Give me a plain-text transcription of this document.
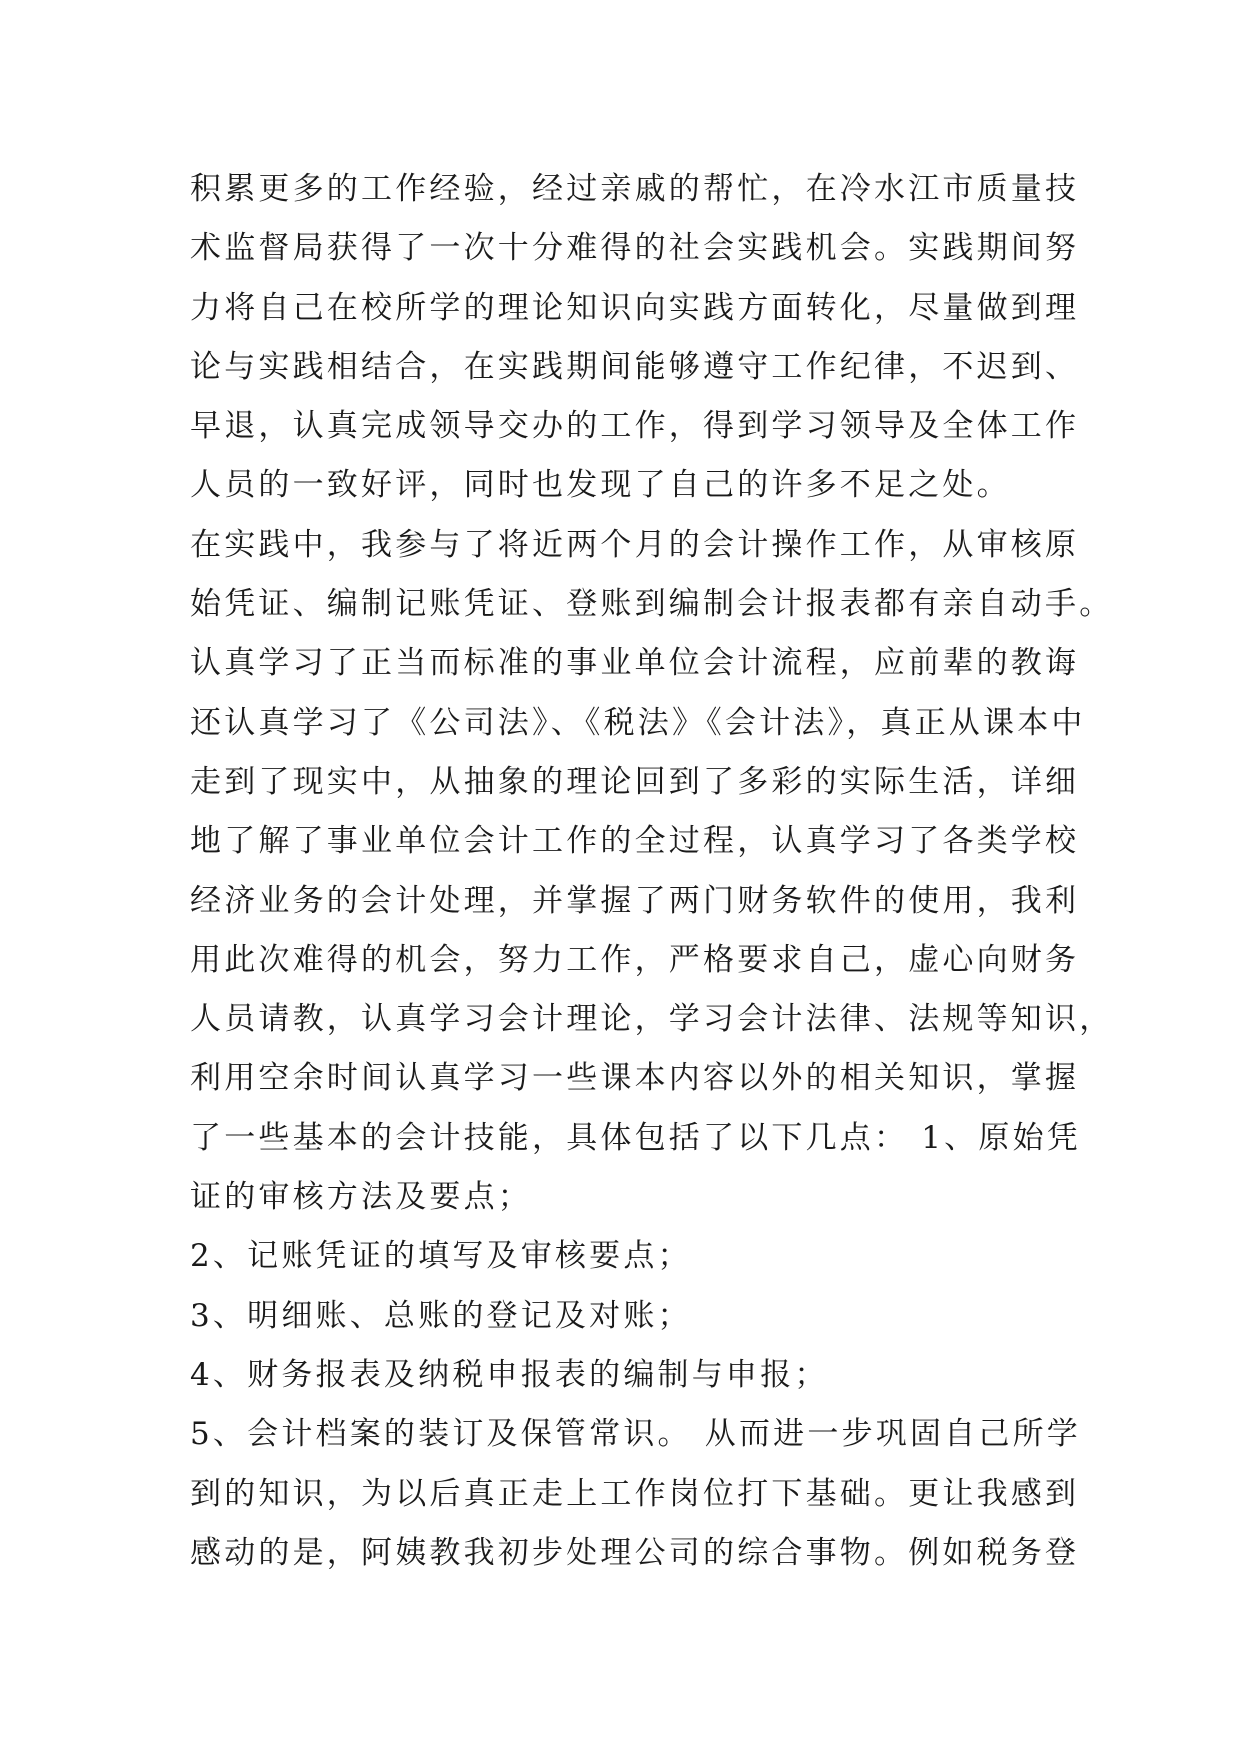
积累更多的工作经验，经过亲戚的帮忙，在冷水江市质量技
术监督局获得了一次十分难得的社会实践机会。实践期间努
力将自己在校所学的理论知识向实践方面转化，尽量做到理
论与实践相结合，在实践期间能够遵守工作纪律，不迟到、
早退，认真完成领导交办的工作，得到学习领导及全体工作
人员的一致好评，同时也发现了自己的许多不足之处。
在实践中，我参与了将近两个月的会计操作工作，从审核原
始凭证、编制记账凭证、登账到编制会计报表都有亲自动手。
认真学习了正当而标准的事业单位会计流程，应前辈的教诲
还认真学习了《公司法》、《税法》《会计法》，真正从课本中
走到了现实中，从抽象的理论回到了多彩的实际生活，详细
地了解了事业单位会计工作的全过程，认真学习了各类学校
经济业务的会计处理，并掌握了两门财务软件的使用，我利
用此次难得的机会，努力工作，严格要求自己，虚心向财务
人员请教，认真学习会计理论，学习会计法律、法规等知识，
利用空余时间认真学习一些课本内容以外的相关知识，掌握
了一些基本的会计技能，具体包括了以下几点： 1、原始凭
证的审核方法及要点；
2、记账凭证的填写及审核要点；
3、明细账、总账的登记及对账；
4、财务报表及纳税申报表的编制与申报；
5、会计档案的装订及保管常识。 从而进一步巩固自己所学
到的知识，为以后真正走上工作岗位打下基础。更让我感到
感动的是，阿姨教我初步处理公司的综合事物。例如税务登
